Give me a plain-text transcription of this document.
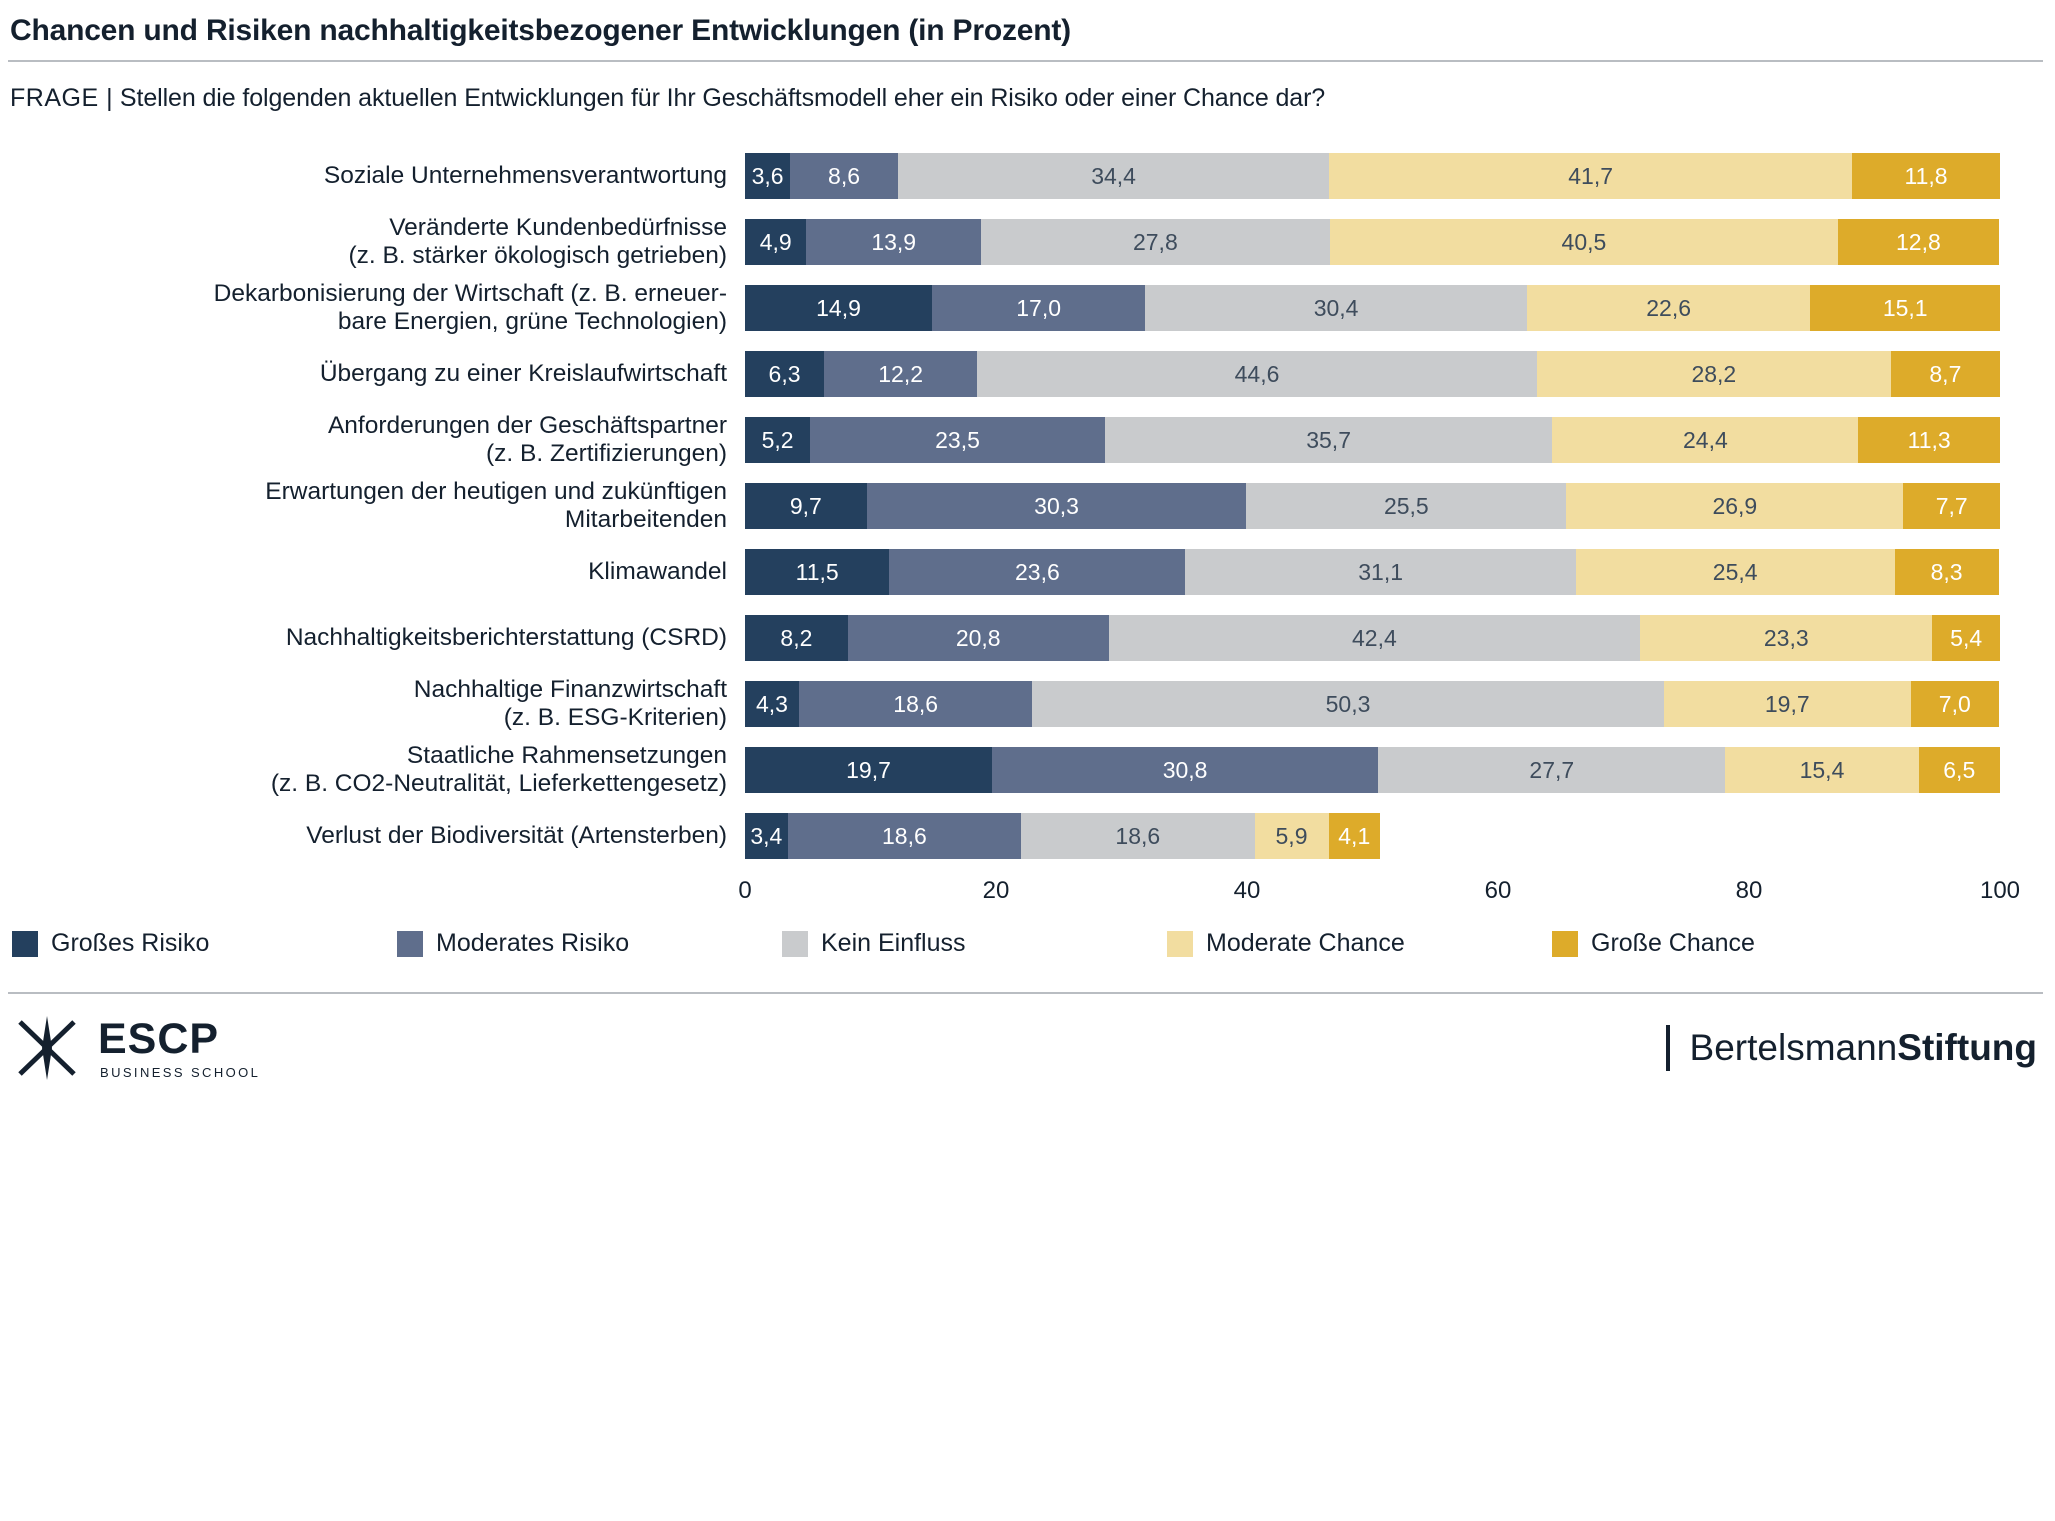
Chancen und Risiken nachhaltigkeitsbezogener Entwicklungen (in Prozent)
FRAGE | Stellen die folgenden aktuellen Entwicklungen für Ihr Geschäftsmodell eher ein Risiko oder einer Chance dar?
Soziale Unternehmensverantwortung	3,6	8,6	34,4	41,7	11,8
Veränderte Kundenbedürfnisse
(z. B. stärker ökologisch getrieben)
4,9	13,9	27,8	40,5	12,8
Dekarbonisierung der Wirtschaft (z. B. erneuer-
bare Energien, grüne Technologien)
14,9	17,0	30,4	22,6	15,1
Übergang zu einer Kreislaufwirtschaft	6,3	12,2	44,6	28,2	8,7
Anforderungen der Geschäftspartner
(z. B. Zertifizierungen)
5,2	23,5	35,7	24,4	11,3
Erwartungen der heutigen und zukünftigen
Mitarbeitenden
9,7	30,3	25,5	26,9	7,7
Klimawandel	11,5	23,6	31,1	25,4	8,3
Nachhaltigkeitsberichterstattung (CSRD)	8,2	20,8	42,4	23,3	5,4
Nachhaltige Finanzwirtschaft
(z. B. ESG-Kriterien)
4,3	18,6	50,3	19,7	7,0
Staatliche Rahmensetzungen
(z. B. CO2-Neutralität, Lieferkettengesetz)
19,7	30,8	27,7	15,4	6,5
Verlust der Biodiversität (Artensterben)	3,4	18,6	18,6	5,9	4,1
0	20	40	60	80	100
Großes Risiko	Moderates Risiko	Kein Einfluss	Moderate Chance	Große Chance
ESCP
BUSINESS SCHOOL
Bertelsmann Stiftung
